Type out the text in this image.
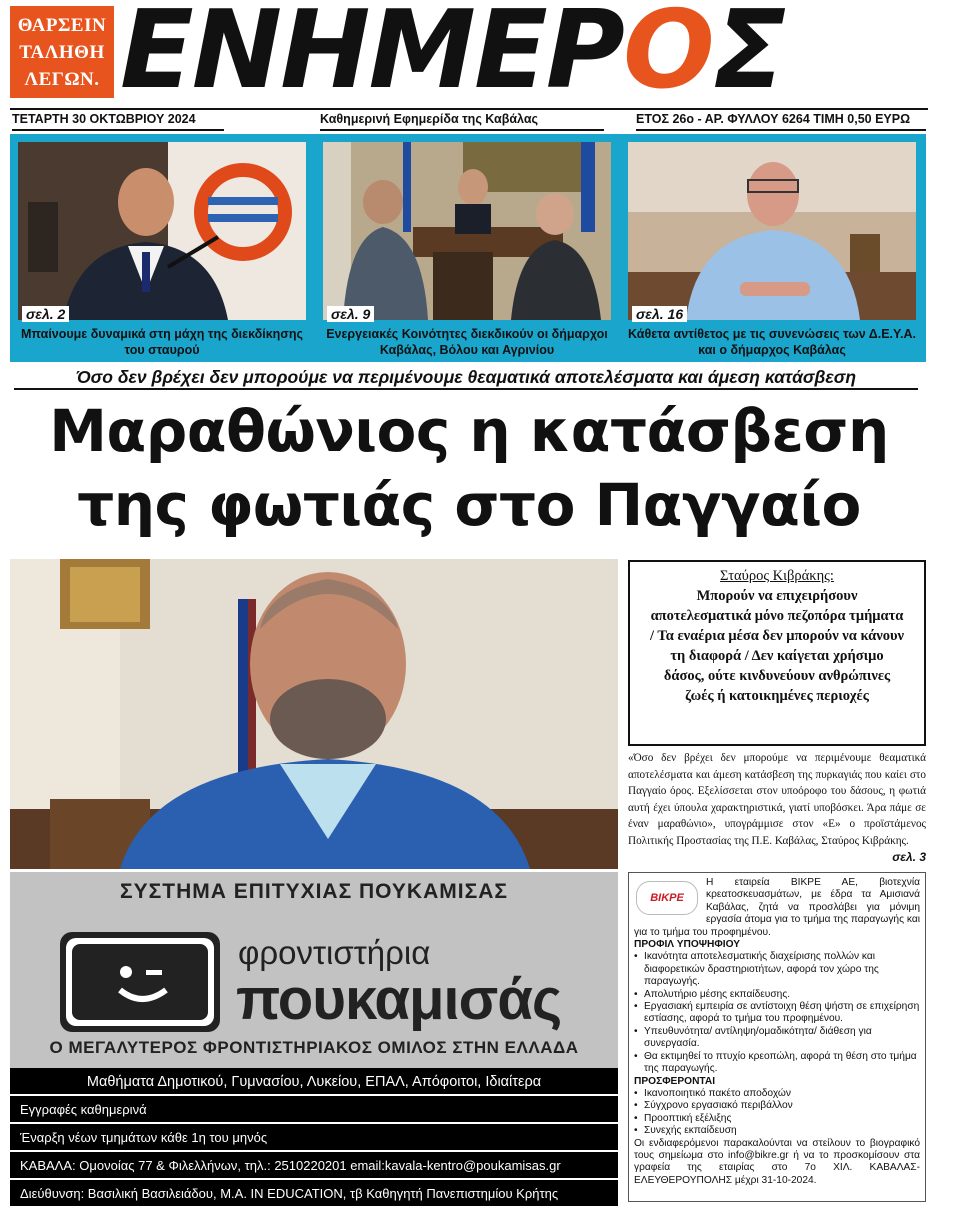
ΘΑΡΣΕΙΝ
ΤΑΛΗΘΗ
ΛΕΓΩΝ. ΕΝΗΜΕΡΟΣ
ΤΕΤΑΡΤΗ 30 ΟΚΤΩΒΡΙΟΥ 2024	Καθημερινή Εφημερίδα της Καβάλας	ΕΤΟΣ 26ο - ΑΡ. ΦΥΛΛΟΥ 6264 ΤΙΜΗ 0,50 ΕΥΡΩ
σελ. 2
Μπαίνουμε δυναμικά στη μάχη της διεκδίκησης του σταυρού
σελ. 9
Ενεργειακές Κοινότητες διεκδικούν οι δήμαρχοι Καβάλας, Βόλου και Αγρινίου
σελ. 16
Κάθετα αντίθετος με τις συνενώσεις των Δ.Ε.Υ.Α. και ο δήμαρχος Καβάλας
Όσο δεν βρέχει δεν μπορούμε να περιμένουμε θεαματικά αποτελέσματα και άμεση κατάσβεση
Μαραθώνιος η κατάσβεση
της φωτιάς στο Παγγαίο
Σταύρος Κιβράκης:
Μπορούν να επιχειρήσουν αποτελεσματικά μόνο πεζοπόρα τμήματα / Τα εναέρια μέσα δεν μπορούν να κάνουν τη διαφορά / Δεν καίγεται χρήσιμο δάσος, ούτε κινδυνεύουν ανθρώπινες ζωές ή κατοικημένες περιοχές
«Όσο δεν βρέχει δεν μπορούμε να περιμένουμε θεαματικά αποτελέσματα και άμεση κατάσβεση της πυρκαγιάς που καίει στο Παγγαίο όρος. Εξελίσσεται στον υποόροφο του δάσους, η φωτιά αυτή έχει ύπουλα χαρακτηριστικά, γιατί υποβόσκει. Άρα πάμε σε έναν μαραθώνιο», υπογράμμισε στον «Ε» ο προϊστάμενος Πολιτικής Προστασίας της Π.Ε. Καβάλας, Σταύρος Κιβράκης.
σελ. 3
ΣΥΣΤΗΜΑ ΕΠΙΤΥΧΙΑΣ ΠΟΥΚΑΜΙΣΑΣ
φροντιστήρια
πουκαμισάς
Ο ΜΕΓΑΛΥΤΕΡΟΣ ΦΡΟΝΤΙΣΤΗΡΙΑΚΟΣ ΟΜΙΛΟΣ ΣΤΗΝ ΕΛΛΑΔΑ
Μαθήματα Δημοτικού, Γυμνασίου, Λυκείου, ΕΠΑΛ, Απόφοιτοι, Ιδιαίτερα
Εγγραφές καθημερινά
Έναρξη νέων τμημάτων κάθε 1η του μηνός
ΚΑΒΑΛΑ: Ομονοίας 77 & Φιλελλήνων, τηλ.: 2510220201 email:kavala-kentro@poukamisas.gr
Διεύθυνση: Βασιλική Βασιλειάδου, M.A. IN EDUCATION, τβ Καθηγητή Πανεπιστημίου Κρήτης
ΒΙΚΡΕ
Η εταιρεία ΒΙΚΡΕ ΑΕ, βιοτεχνία κρεατοσκευασμάτων, με έδρα τα Αμισιανά Καβάλας, ζητά να προσλάβει για μόνιμη εργασία άτομα για το τμήμα της παραγωγής και για το τμήμα του προφημένου.
ΠΡΟΦΙΛ ΥΠΟΨΗΦΙΟΥ
• Ικανότητα αποτελεσματικής διαχείρισης πολλών και διαφορετικών δραστηριοτήτων, αφορά τον χώρο της παραγωγής.
• Απολυτήριο μέσης εκπαίδευσης.
• Εργασιακή εμπειρία σε αντίστοιχη θέση ψήστη σε επιχείρηση εστίασης, αφορά το τμήμα του προφημένου.
• Υπευθυνότητα/ αντίληψη/ομαδικότητα/ διάθεση για συνεργασία.
• Θα εκτιμηθεί το πτυχίο κρεοπώλη, αφορά τη θέση στο τμήμα της παραγωγής.
ΠΡΟΣΦΕΡΟΝΤΑΙ
• Ικανοποιητικό πακέτο αποδοχών
• Σύγχρονο εργασιακό περιβάλλον
• Προοπτική εξέλιξης
• Συνεχής εκπαίδευση
Οι ενδιαφερόμενοι παρακαλούνται να στείλουν το βιογραφικό τους σημείωμα στο info@bikre.gr ή να το προσκομίσουν στα γραφεία της εταιρίας στο 7ο ΧΙΛ. ΚΑΒΑΛΑΣ- ΕΛΕΥΘΕΡΟΥΠΟΛΗΣ μέχρι 31-10-2024.
